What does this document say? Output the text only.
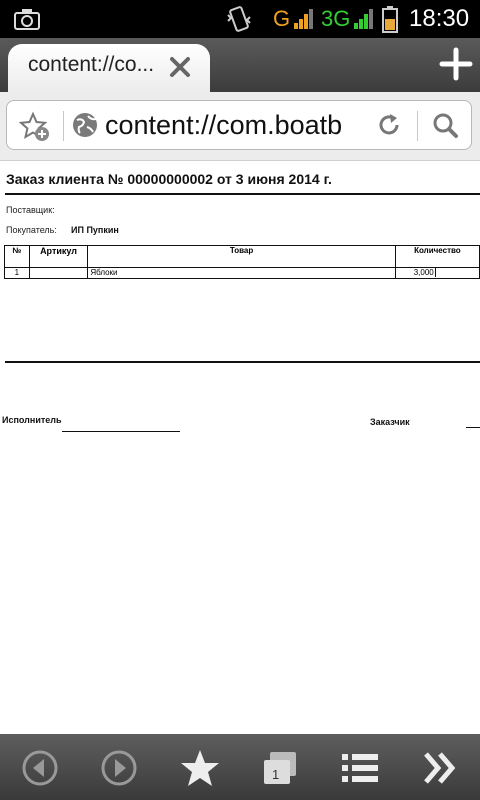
G 3G 18:30
content://co...
content://com.boatb
Заказ клиента № 00000000002 от 3 июня 2014 г.
Поставщик:
Покупатель: ИП Пупкин
№	Артикул	Товар	Количество
1		Яблоки	3,000
Исполнитель	Заказчик
1
